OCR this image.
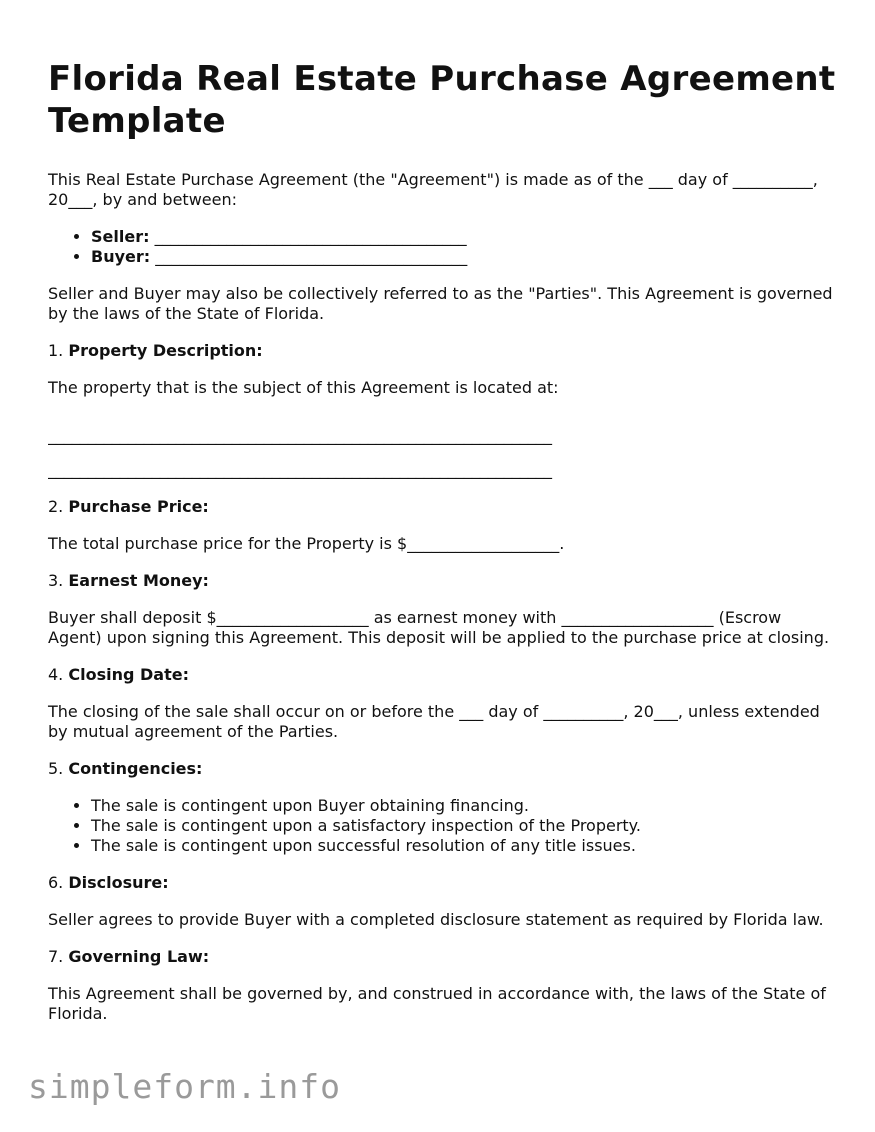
Florida Real Estate Purchase Agreement Template

This Real Estate Purchase Agreement (the "Agreement") is made as of the ___ day of __________, 20___, by and between:

• Seller: _______________________________________
• Buyer: _______________________________________

Seller and Buyer may also be collectively referred to as the "Parties". This Agreement is governed by the laws of the State of Florida.

1. Property Description:

The property that is the subject of this Agreement is located at:

_______________________________________________________________
_______________________________________________________________
2. Purchase Price:

The total purchase price for the Property is $___________________.

3. Earnest Money:

Buyer shall deposit $___________________ as earnest money with ___________________ (Escrow Agent) upon signing this Agreement. This deposit will be applied to the purchase price at closing.

4. Closing Date:

The closing of the sale shall occur on or before the ___ day of __________, 20___, unless extended by mutual agreement of the Parties.

5. Contingencies:
• The sale is contingent upon Buyer obtaining financing.
• The sale is contingent upon a satisfactory inspection of the Property.
• The sale is contingent upon successful resolution of any title issues.
6. Disclosure:

Seller agrees to provide Buyer with a completed disclosure statement as required by Florida law.

7. Governing Law:

This Agreement shall be governed by, and construed in accordance with, the laws of the State of Florida.

simpleform.info
